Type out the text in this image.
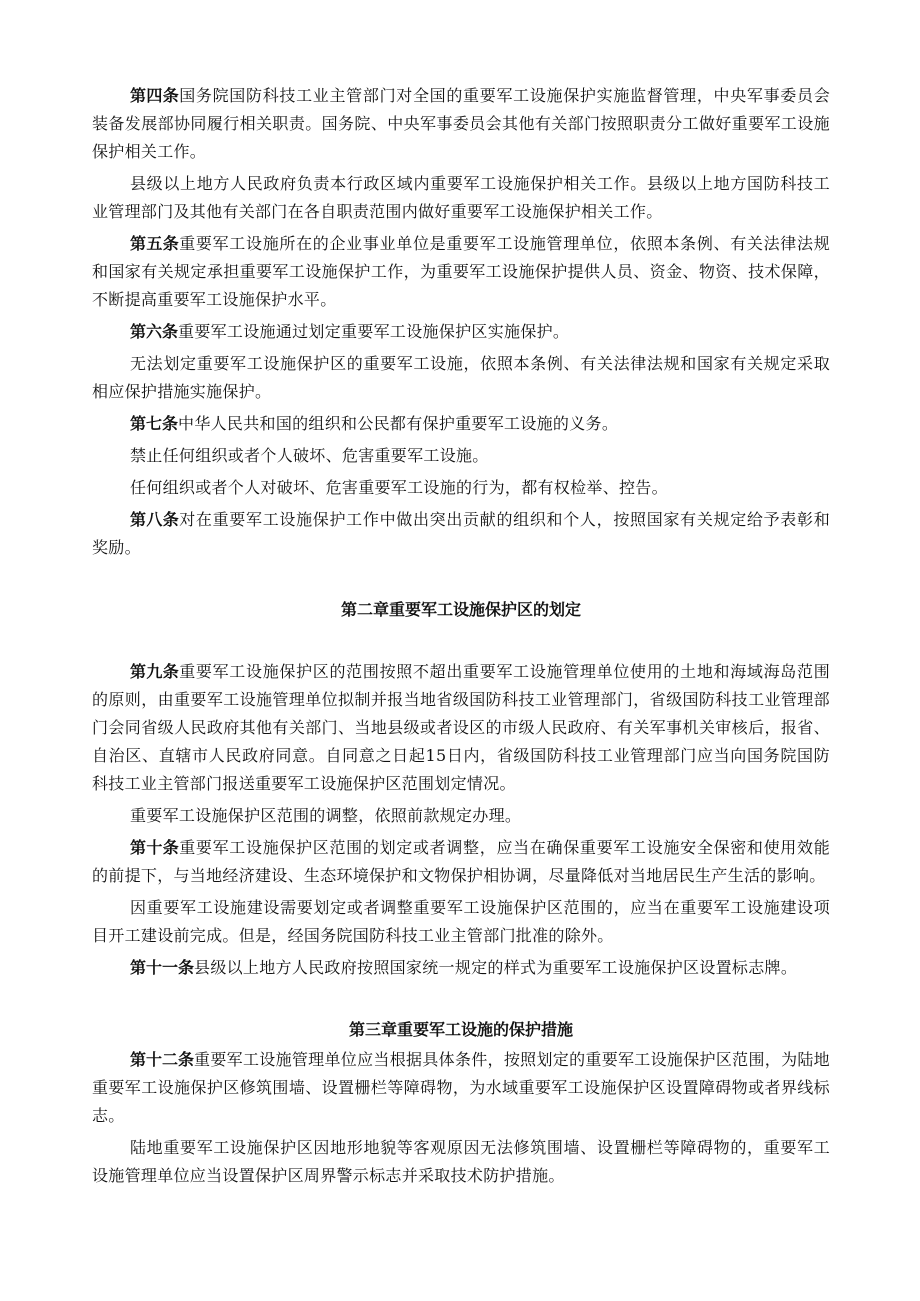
第四条国务院国防科技工业主管部门对全国的重要军工设施保护实施监督管理，中央军事委员会装备发展部协同履行相关职责。国务院、中央军事委员会其他有关部门按照职责分工做好重要军工设施保护相关工作。

县级以上地方人民政府负责本行政区域内重要军工设施保护相关工作。县级以上地方国防科技工业管理部门及其他有关部门在各自职责范围内做好重要军工设施保护相关工作。

第五条重要军工设施所在的企业事业单位是重要军工设施管理单位，依照本条例、有关法律法规和国家有关规定承担重要军工设施保护工作，为重要军工设施保护提供人员、资金、物资、技术保障，不断提高重要军工设施保护水平。

第六条重要军工设施通过划定重要军工设施保护区实施保护。

无法划定重要军工设施保护区的重要军工设施，依照本条例、有关法律法规和国家有关规定采取相应保护措施实施保护。

第七条中华人民共和国的组织和公民都有保护重要军工设施的义务。

禁止任何组织或者个人破坏、危害重要军工设施。

任何组织或者个人对破坏、危害重要军工设施的行为，都有权检举、控告。

第八条对在重要军工设施保护工作中做出突出贡献的组织和个人，按照国家有关规定给予表彰和奖励。

第二章重要军工设施保护区的划定

第九条重要军工设施保护区的范围按照不超出重要军工设施管理单位使用的土地和海域海岛范围的原则，由重要军工设施管理单位拟制并报当地省级国防科技工业管理部门，省级国防科技工业管理部门会同省级人民政府其他有关部门、当地县级或者设区的市级人民政府、有关军事机关审核后，报省、自治区、直辖市人民政府同意。自同意之日起15日内，省级国防科技工业管理部门应当向国务院国防科技工业主管部门报送重要军工设施保护区范围划定情况。

重要军工设施保护区范围的调整，依照前款规定办理。

第十条重要军工设施保护区范围的划定或者调整，应当在确保重要军工设施安全保密和使用效能的前提下，与当地经济建设、生态环境保护和文物保护相协调，尽量降低对当地居民生产生活的影响。

因重要军工设施建设需要划定或者调整重要军工设施保护区范围的，应当在重要军工设施建设项目开工建设前完成。但是，经国务院国防科技工业主管部门批准的除外。

第十一条县级以上地方人民政府按照国家统一规定的样式为重要军工设施保护区设置标志牌。

第三章重要军工设施的保护措施

第十二条重要军工设施管理单位应当根据具体条件，按照划定的重要军工设施保护区范围，为陆地重要军工设施保护区修筑围墙、设置栅栏等障碍物，为水域重要军工设施保护区设置障碍物或者界线标志。

陆地重要军工设施保护区因地形地貌等客观原因无法修筑围墙、设置栅栏等障碍物的，重要军工设施管理单位应当设置保护区周界警示标志并采取技术防护措施。
